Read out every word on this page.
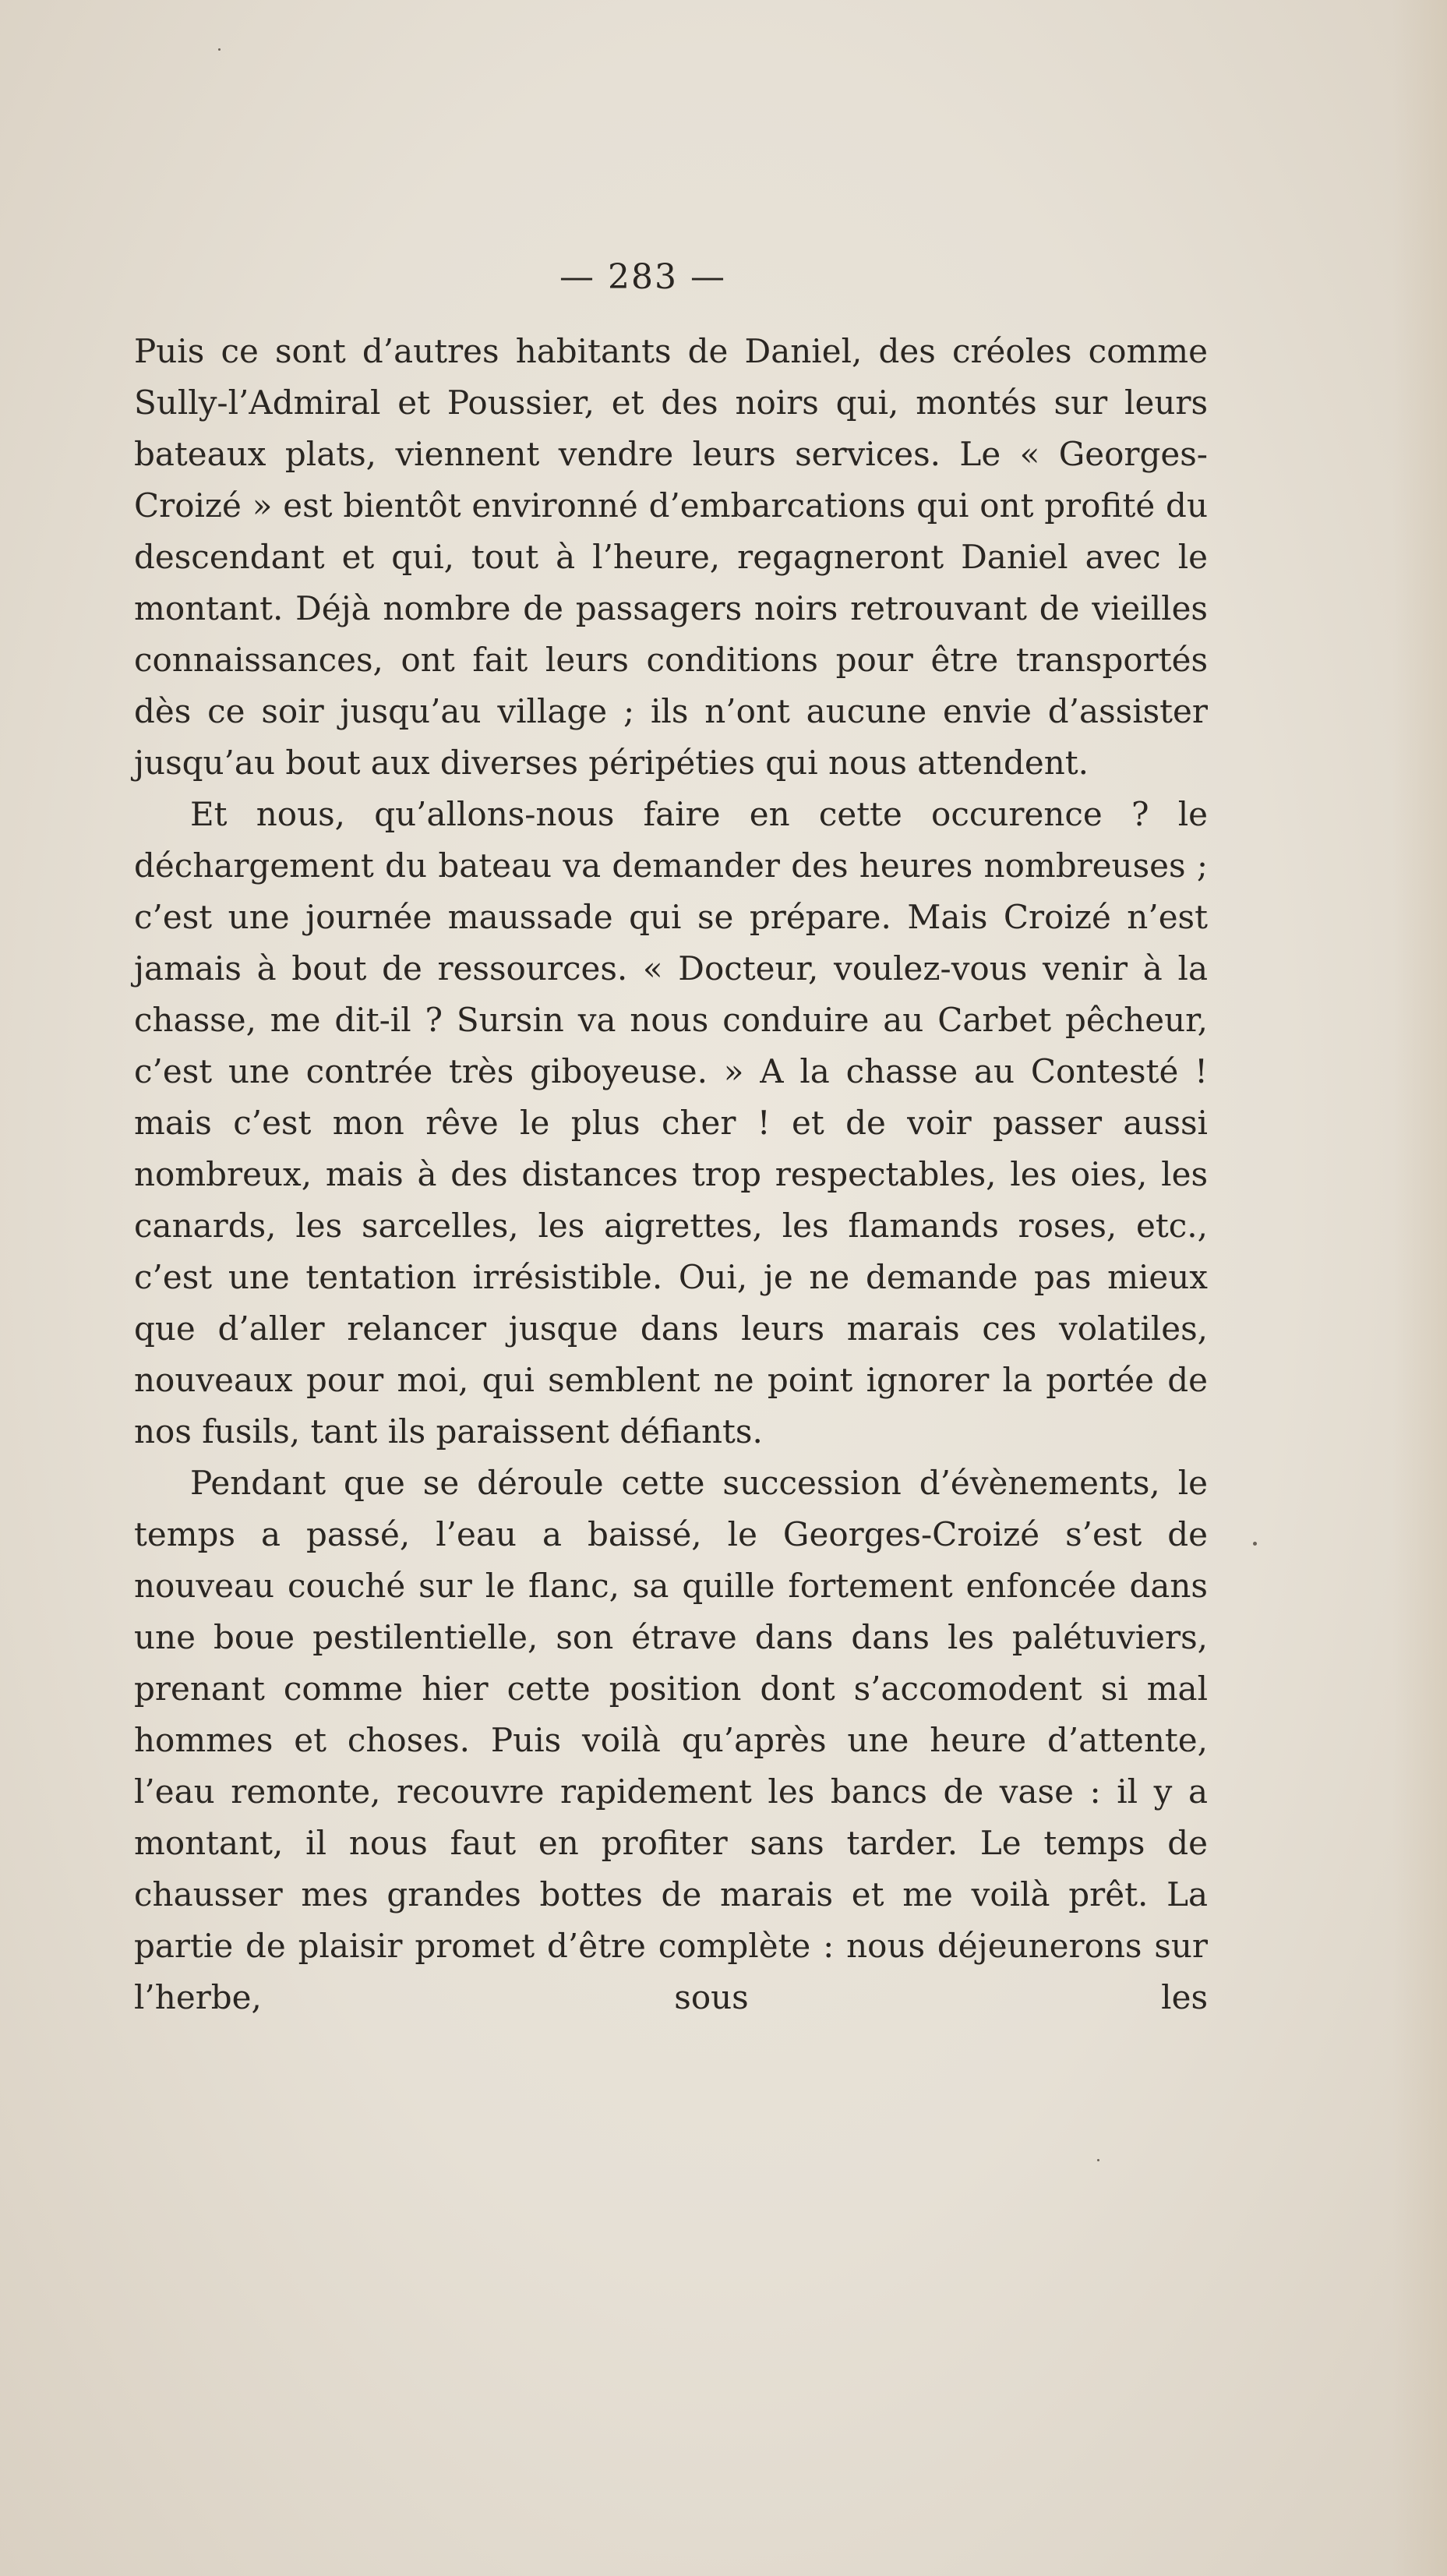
— 283 —

Puis ce sont d’autres habitants de Daniel, des créoles comme Sully-l’Admiral et Poussier, et des noirs qui, montés sur leurs bateaux plats, viennent vendre leurs services. Le « Georges-Croizé » est bientôt environné d’embarcations qui ont profité du descendant et qui, tout à l’heure, regagneront Daniel avec le montant. Déjà nombre de passagers noirs retrouvant de vieilles connaissances, ont fait leurs conditions pour être transportés dès ce soir jusqu’au village ; ils n’ont aucune envie d’assister jusqu’au bout aux diverses péripéties qui nous attendent.

Et nous, qu’allons-nous faire en cette occurence ? le déchargement du bateau va demander des heures nombreuses ; c’est une journée maussade qui se prépare. Mais Croizé n’est jamais à bout de ressources. « Docteur, voulez-vous venir à la chasse, me dit-il ? Sursin va nous conduire au Carbet pêcheur, c’est une contrée très giboyeuse. » A la chasse au Contesté ! mais c’est mon rêve le plus cher ! et de voir passer aussi nombreux, mais à des distances trop respectables, les oies, les canards, les sarcelles, les aigrettes, les flamands roses, etc., c’est une tentation irrésistible. Oui, je ne demande pas mieux que d’aller relancer jusque dans leurs marais ces volatiles, nouveaux pour moi, qui semblent ne point ignorer la portée de nos fusils, tant ils paraissent défiants.

Pendant que se déroule cette succession d’évènements, le temps a passé, l’eau a baissé, le Georges-Croizé s’est de nouveau couché sur le flanc, sa quille fortement enfoncée dans une boue pestilentielle, son étrave dans dans les palétuviers, prenant comme hier cette position dont s’accomodent si mal hommes et choses. Puis voilà qu’après une heure d’attente, l’eau remonte, recouvre rapidement les bancs de vase : il y a montant, il nous faut en profiter sans tarder. Le temps de chausser mes grandes bottes de marais et me voilà prêt. La partie de plaisir promet d’être complète : nous déjeunerons sur l’herbe, sous les
